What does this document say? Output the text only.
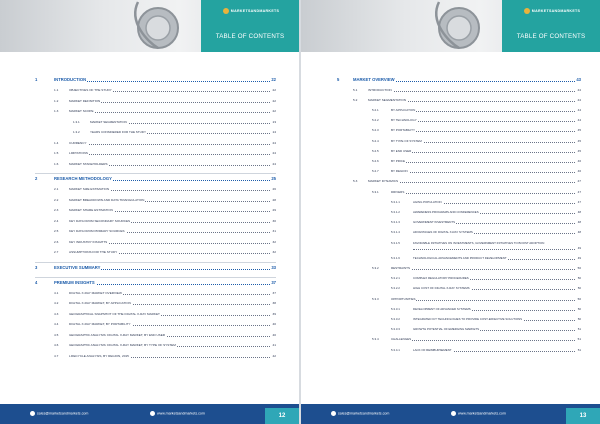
MARKETSANDMARKETS
TABLE OF CONTENTS
1	INTRODUCTION	22
1.1	OBJECTIVES OF THE STUDY	22
1.2	MARKET DEFINITION	22
1.3	MARKET SCOPE	22
1.3.1	MARKET SEGMENTATION	23
1.3.2	YEARS CONSIDERED FOR THE STUDY	24
1.4	CURRENCY	24
1.5	LIMITATIONS	24
1.6	MARKET STAKEHOLDERS	24
2	RESEARCH METHODOLOGY	25
2.1	MARKET SIZE ESTIMATION	26
2.2	MARKET BREAKDOWN AND DATA TRIANGULATION	28
2.3	MARKET SHARE ESTIMATION	29
2.4	KEY DATA FROM SECONDARY SOURCES	30
2.5	KEY DATA FROM PRIMARY SOURCES	31
2.6	KEY INDUSTRY INSIGHTS	32
2.7	ASSUMPTIONS FOR THE STUDY	32
3	EXECUTIVE SUMMARY	33
4	PREMIUM INSIGHTS	37
4.1	DIGITAL X-RAY MARKET OVERVIEW	37
4.2	DIGITAL X-RAY MARKET, BY APPLICATION	38
4.3	GEOGRAPHICAL SNAPSHOT OF THE DIGITAL X-RAY MARKET	39
4.4	DIGITAL X-RAY MARKET, BY PORTABILITY	40
4.5	GEOGRAPHIC ANALYSIS: DIGITAL X-RAY MARKET, BY END USER	40
4.6	GEOGRAPHIC ANALYSIS: DIGITAL X-RAY MARKET, BY TYPE OF SYSTEM	41
4.7	LIFECYCLE ANALYSIS, BY REGION, 2015	42
sales@marketsandmarkets.com	www.marketsandmarkets.com	12
MARKETSANDMARKETS
TABLE OF CONTENTS
5	MARKET OVERVIEW	43
5.1	INTRODUCTION	44
5.2	MARKET SEGMENTATION	44
5.2.1	BY APPLICATION	44
5.2.2	BY TECHNOLOGY	44
5.2.3	BY PORTABILITY	45
5.2.4	BY TYPE OF SYSTEM	45
5.2.5	BY END USER	45
5.2.6	BY PRICE	46
5.2.7	BY REGION	46
5.3	MARKET DYNAMICS	47
5.3.1	DRIVERS	47
5.3.1.1	AGING POPULATION	47
5.3.1.2	AWARENESS PROGRAMS AND CONFERENCES	48
5.3.1.3	GOVERNMENT INVESTMENTS	48
5.3.1.4	ADVANTAGES OF DIGITAL X-RAY SYSTEMS	48
5.3.1.5	FAVORABLE INITIATIVES ON INVESTMENTS, GOVERNMENT INITIATIVES TO BOOST ADOPTION
49
5.3.1.6	TECHNOLOGICAL ADVANCEMENTS AND PRODUCT DEVELOPMENT	49
5.3.2	RESTRAINTS	50
5.3.2.1	COMPLEX REGULATORY PROCEDURES	50
5.3.2.2	HIGH COST OF DIGITAL X-RAY SYSTEMS	50
5.3.3	OPPORTUNITIES	50
5.3.3.1	DEVELOPMENT OF ADVANCED SYSTEMS	50
5.3.3.2	INTEGRATED ICT TECHNOLOGIES TO PROVIDE COST-EFFECTIVE SOLUTIONS	50
5.3.3.3	GROWTH POTENTIAL OF EMERGING MARKETS	51
5.3.4	CHALLENGES	51
5.3.4.1	LACK OF REIMBURSEMENT	51
sales@marketsandmarkets.com	www.marketsandmarkets.com	13
